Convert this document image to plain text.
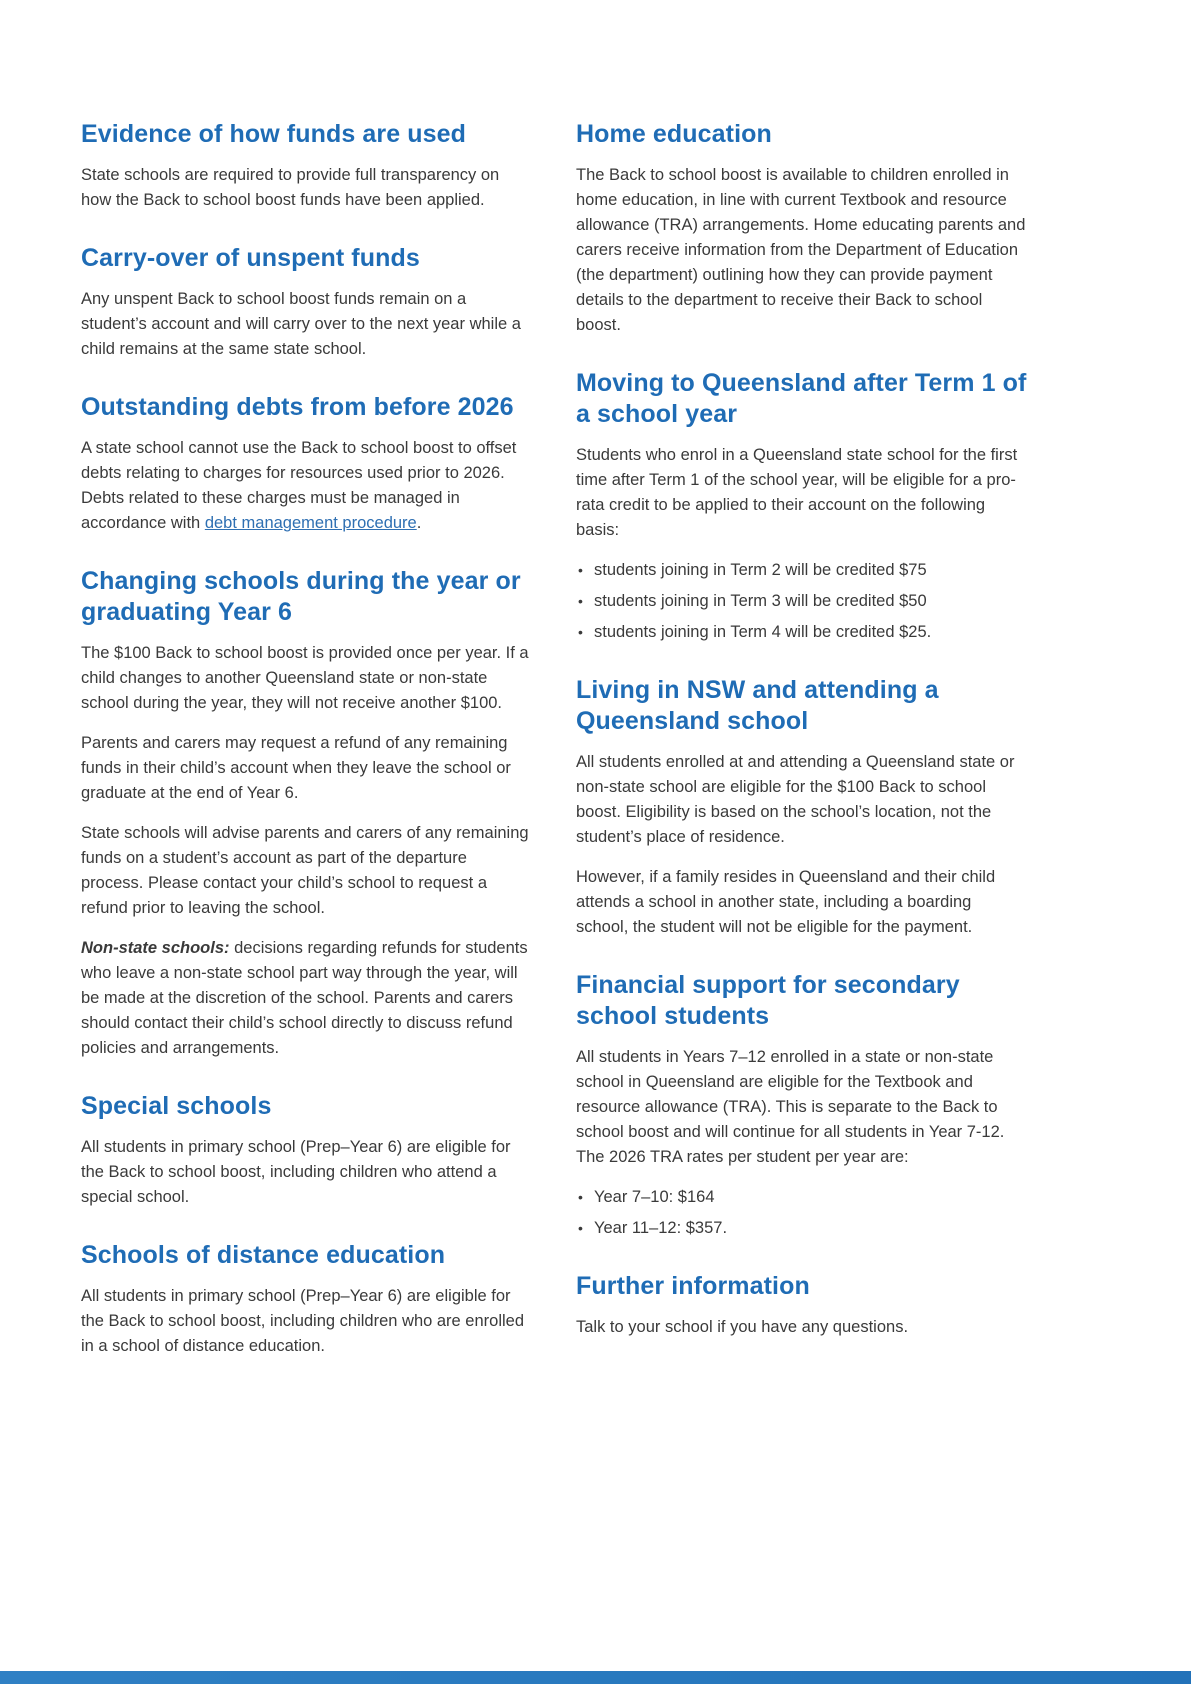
Evidence of how funds are used

State schools are required to provide full transparency on how the Back to school boost funds have been applied.

Carry-over of unspent funds

Any unspent Back to school boost funds remain on a student’s account and will carry over to the next year while a child remains at the same state school.

Outstanding debts from before 2026

A state school cannot use the Back to school boost to offset debts relating to charges for resources used prior to 2026. Debts related to these charges must be managed in accordance with debt management procedure.

Changing schools during the year or graduating Year 6

The $100 Back to school boost is provided once per year. If a child changes to another Queensland state or non-state school during the year, they will not receive another $100.

Parents and carers may request a refund of any remaining funds in their child’s account when they leave the school or graduate at the end of Year 6.

State schools will advise parents and carers of any remaining funds on a student’s account as part of the departure process. Please contact your child’s school to request a refund prior to leaving the school.

Non-state schools: decisions regarding refunds for students who leave a non-state school part way through the year, will be made at the discretion of the school. Parents and carers should contact their child’s school directly to discuss refund policies and arrangements.

Special schools

All students in primary school (Prep–Year 6) are eligible for the Back to school boost, including children who attend a special school.

Schools of distance education

All students in primary school (Prep–Year 6) are eligible for the Back to school boost, including children who are enrolled in a school of distance education.

Home education

The Back to school boost is available to children enrolled in home education, in line with current Textbook and resource allowance (TRA) arrangements. Home educating parents and carers receive information from the Department of Education (the department) outlining how they can provide payment details to the department to receive their Back to school boost.

Moving to Queensland after Term 1 of a school year

Students who enrol in a Queensland state school for the first time after Term 1 of the school year, will be eligible for a pro-rata credit to be applied to their account on the following basis:

• students joining in Term 2 will be credited $75
• students joining in Term 3 will be credited $50
• students joining in Term 4 will be credited $25.
Living in NSW and attending a Queensland school

All students enrolled at and attending a Queensland state or non-state school are eligible for the $100 Back to school boost. Eligibility is based on the school’s location, not the student’s place of residence.

However, if a family resides in Queensland and their child attends a school in another state, including a boarding school, the student will not be eligible for the payment.

Financial support for secondary school students

All students in Years 7–12 enrolled in a state or non-state school in Queensland are eligible for the Textbook and resource allowance (TRA). This is separate to the Back to school boost and will continue for all students in Year 7-12. The 2026 TRA rates per student per year are:

• Year 7–10: $164
• Year 11–12: $357.
Further information

Talk to your school if you have any questions.
